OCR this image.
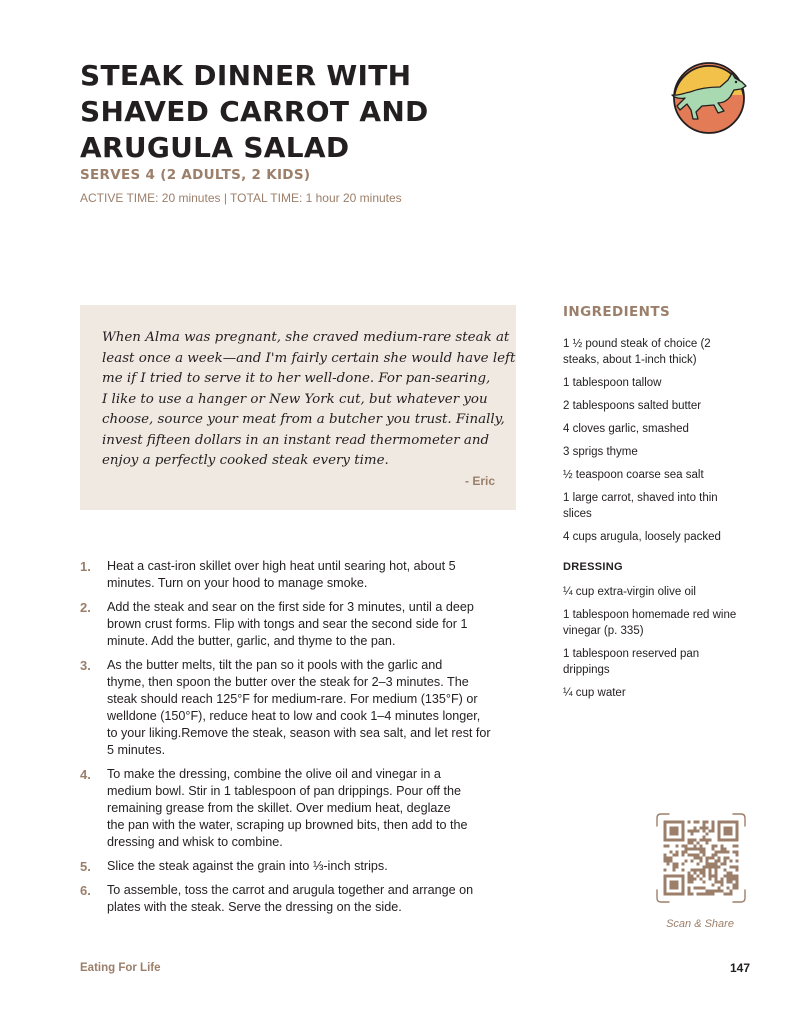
STEAK DINNER WITH
SHAVED CARROT AND
ARUGULA SALAD
SERVES 4 (2 ADULTS, 2 KIDS)
ACTIVE TIME: 20 minutes | TOTAL TIME: 1 hour 20 minutes

When Alma was pregnant, she craved medium-rare steak at
least once a week—and I'm fairly certain she would have left
me if I tried to serve it to her well-done. For pan-searing,
I like to use a hanger or New York cut, but whatever you
choose, source your meat from a butcher you trust. Finally,
invest fifteen dollars in an instant read thermometer and
enjoy a perfectly cooked steak every time.

- Eric
INGREDIENTS
1 ½ pound steak of choice (2
steaks, about 1-inch thick)
1 tablespoon tallow
2 tablespoons salted butter
4 cloves garlic, smashed
3 sprigs thyme
½ teaspoon coarse sea salt
1 large carrot, shaved into thin
slices
4 cups arugula, loosely packed
DRESSING
¼ cup extra-virgin olive oil
1 tablespoon homemade red wine
vinegar (p. 335)
1 tablespoon reserved pan
drippings
¼ cup water
1. Heat a cast-iron skillet over high heat until searing hot, about 5
minutes. Turn on your hood to manage smoke.
2. Add the steak and sear on the first side for 3 minutes, until a deep
brown crust forms. Flip with tongs and sear the second side for 1
minute. Add the butter, garlic, and thyme to the pan.
3. As the butter melts, tilt the pan so it pools with the garlic and
thyme, then spoon the butter over the steak for 2–3 minutes. The
steak should reach 125°F for medium-rare. For medium (135°F) or
welldone (150°F), reduce heat to low and cook 1–4 minutes longer,
to your liking.Remove the steak, season with sea salt, and let rest for
5 minutes.
4. To make the dressing, combine the olive oil and vinegar in a
medium bowl. Stir in 1 tablespoon of pan drippings. Pour off the
remaining grease from the skillet. Over medium heat, deglaze
the pan with the water, scraping up browned bits, then add to the
dressing and whisk to combine.
5. Slice the steak against the grain into ⅓-inch strips.
6. To assemble, toss the carrot and arugula together and arrange on
plates with the steak. Serve the dressing on the side.
Scan & Share
Eating For Life	147
